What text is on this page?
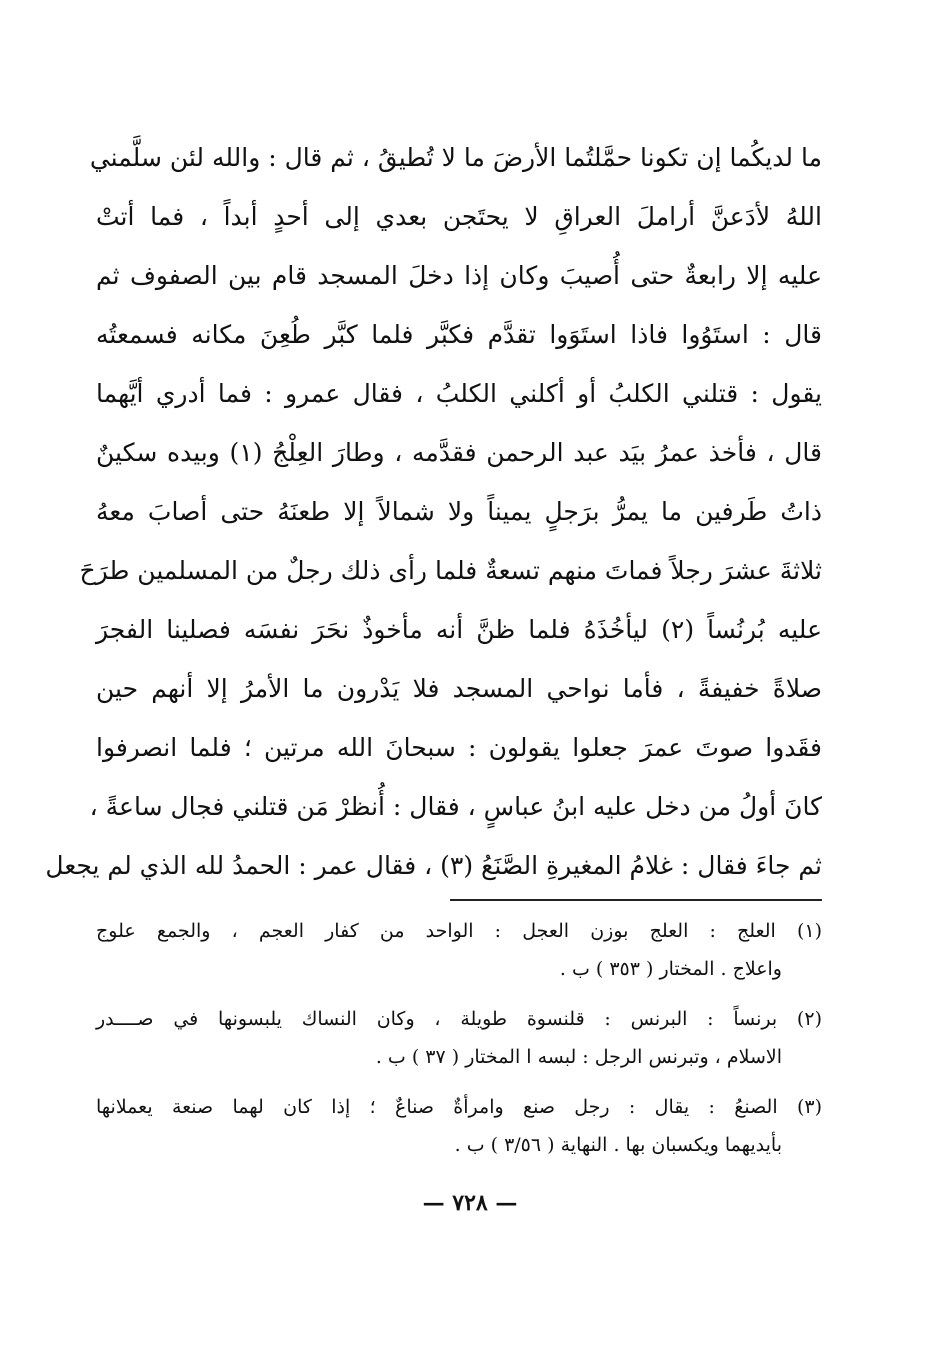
ما لديكُما إن تكونا حمَّلتُما الأرضَ ما لا تُطيقُ ، ثم قال : والله لئن سلَّمني
اللهُ لأدَعنَّ أراملَ العراقِ لا يحتَجن بعدي إلى أحدٍ أبداً ، فما أتتْ
عليه إلا رابعةٌ حتى أُصيبَ وكان إذا دخلَ المسجد قام بين الصفوف ثم
قال : استَوُوا فاذا استَوَوا تقدَّم فكبَّر فلما كبَّر طُعِنَ مكانه فسمعتُه
يقول : قتلني الكلبُ أو أكلني الكلبُ ، فقال عمرو : فما أدري أيَّهما
قال ، فأخذ عمرُ بيَد عبد الرحمن فقدَّمه ، وطارَ العِلْجُ (١) وبيده سكينٌ
ذاتُ طَرفين ما يمرُّ برَجلٍ يميناً ولا شمالاً إلا طعنَهُ حتى أصابَ معهُ
ثلاثةَ عشرَ رجلاً فماتَ منهم تسعةٌ فلما رأى ذلك رجلٌ من المسلمين طرَحَ
عليه بُرنُساً (٢) ليأخُذَهُ فلما ظنَّ أنه مأخوذٌ نحَرَ نفسَه فصلينا الفجرَ
صلاةً خفيفةً ، فأما نواحي المسجد فلا يَدْرون ما الأمرُ إلا أنهم حين
فقَدوا صوتَ عمرَ جعلوا يقولون : سبحانَ الله مرتين ؛ فلما انصرفوا
كانَ أولُ من دخل عليه ابنُ عباسٍ ، فقال : أُنظرْ مَن قتلني فجال ساعةً ،
ثم جاءَ فقال : غلامُ المغيرةِ الصَّنَعُ (٣) ، فقال عمر : الحمدُ لله الذي لم يجعل
(١) العلج : العلج بوزن العجل : الواحد من كفار العجم ، والجمع علوج
واعلاج . المختار ( ٣٥٣ ) ب .
(٢) برنساً : البرنس : قلنسوة طويلة ، وكان النساك يلبسونها في صــــدر
الاسلام ، وتبرنس الرجل : لبسه ا المختار ( ٣٧ ) ب .
(٣) الصنعُ : يقال : رجل صنع وامرأةٌ صناعٌ ؛ إذا كان لهما صنعة يعملانها
بأيديهما ويكسبان بها . النهاية ( ٣/٥٦ ) ب .
— ٧٢٨ —
